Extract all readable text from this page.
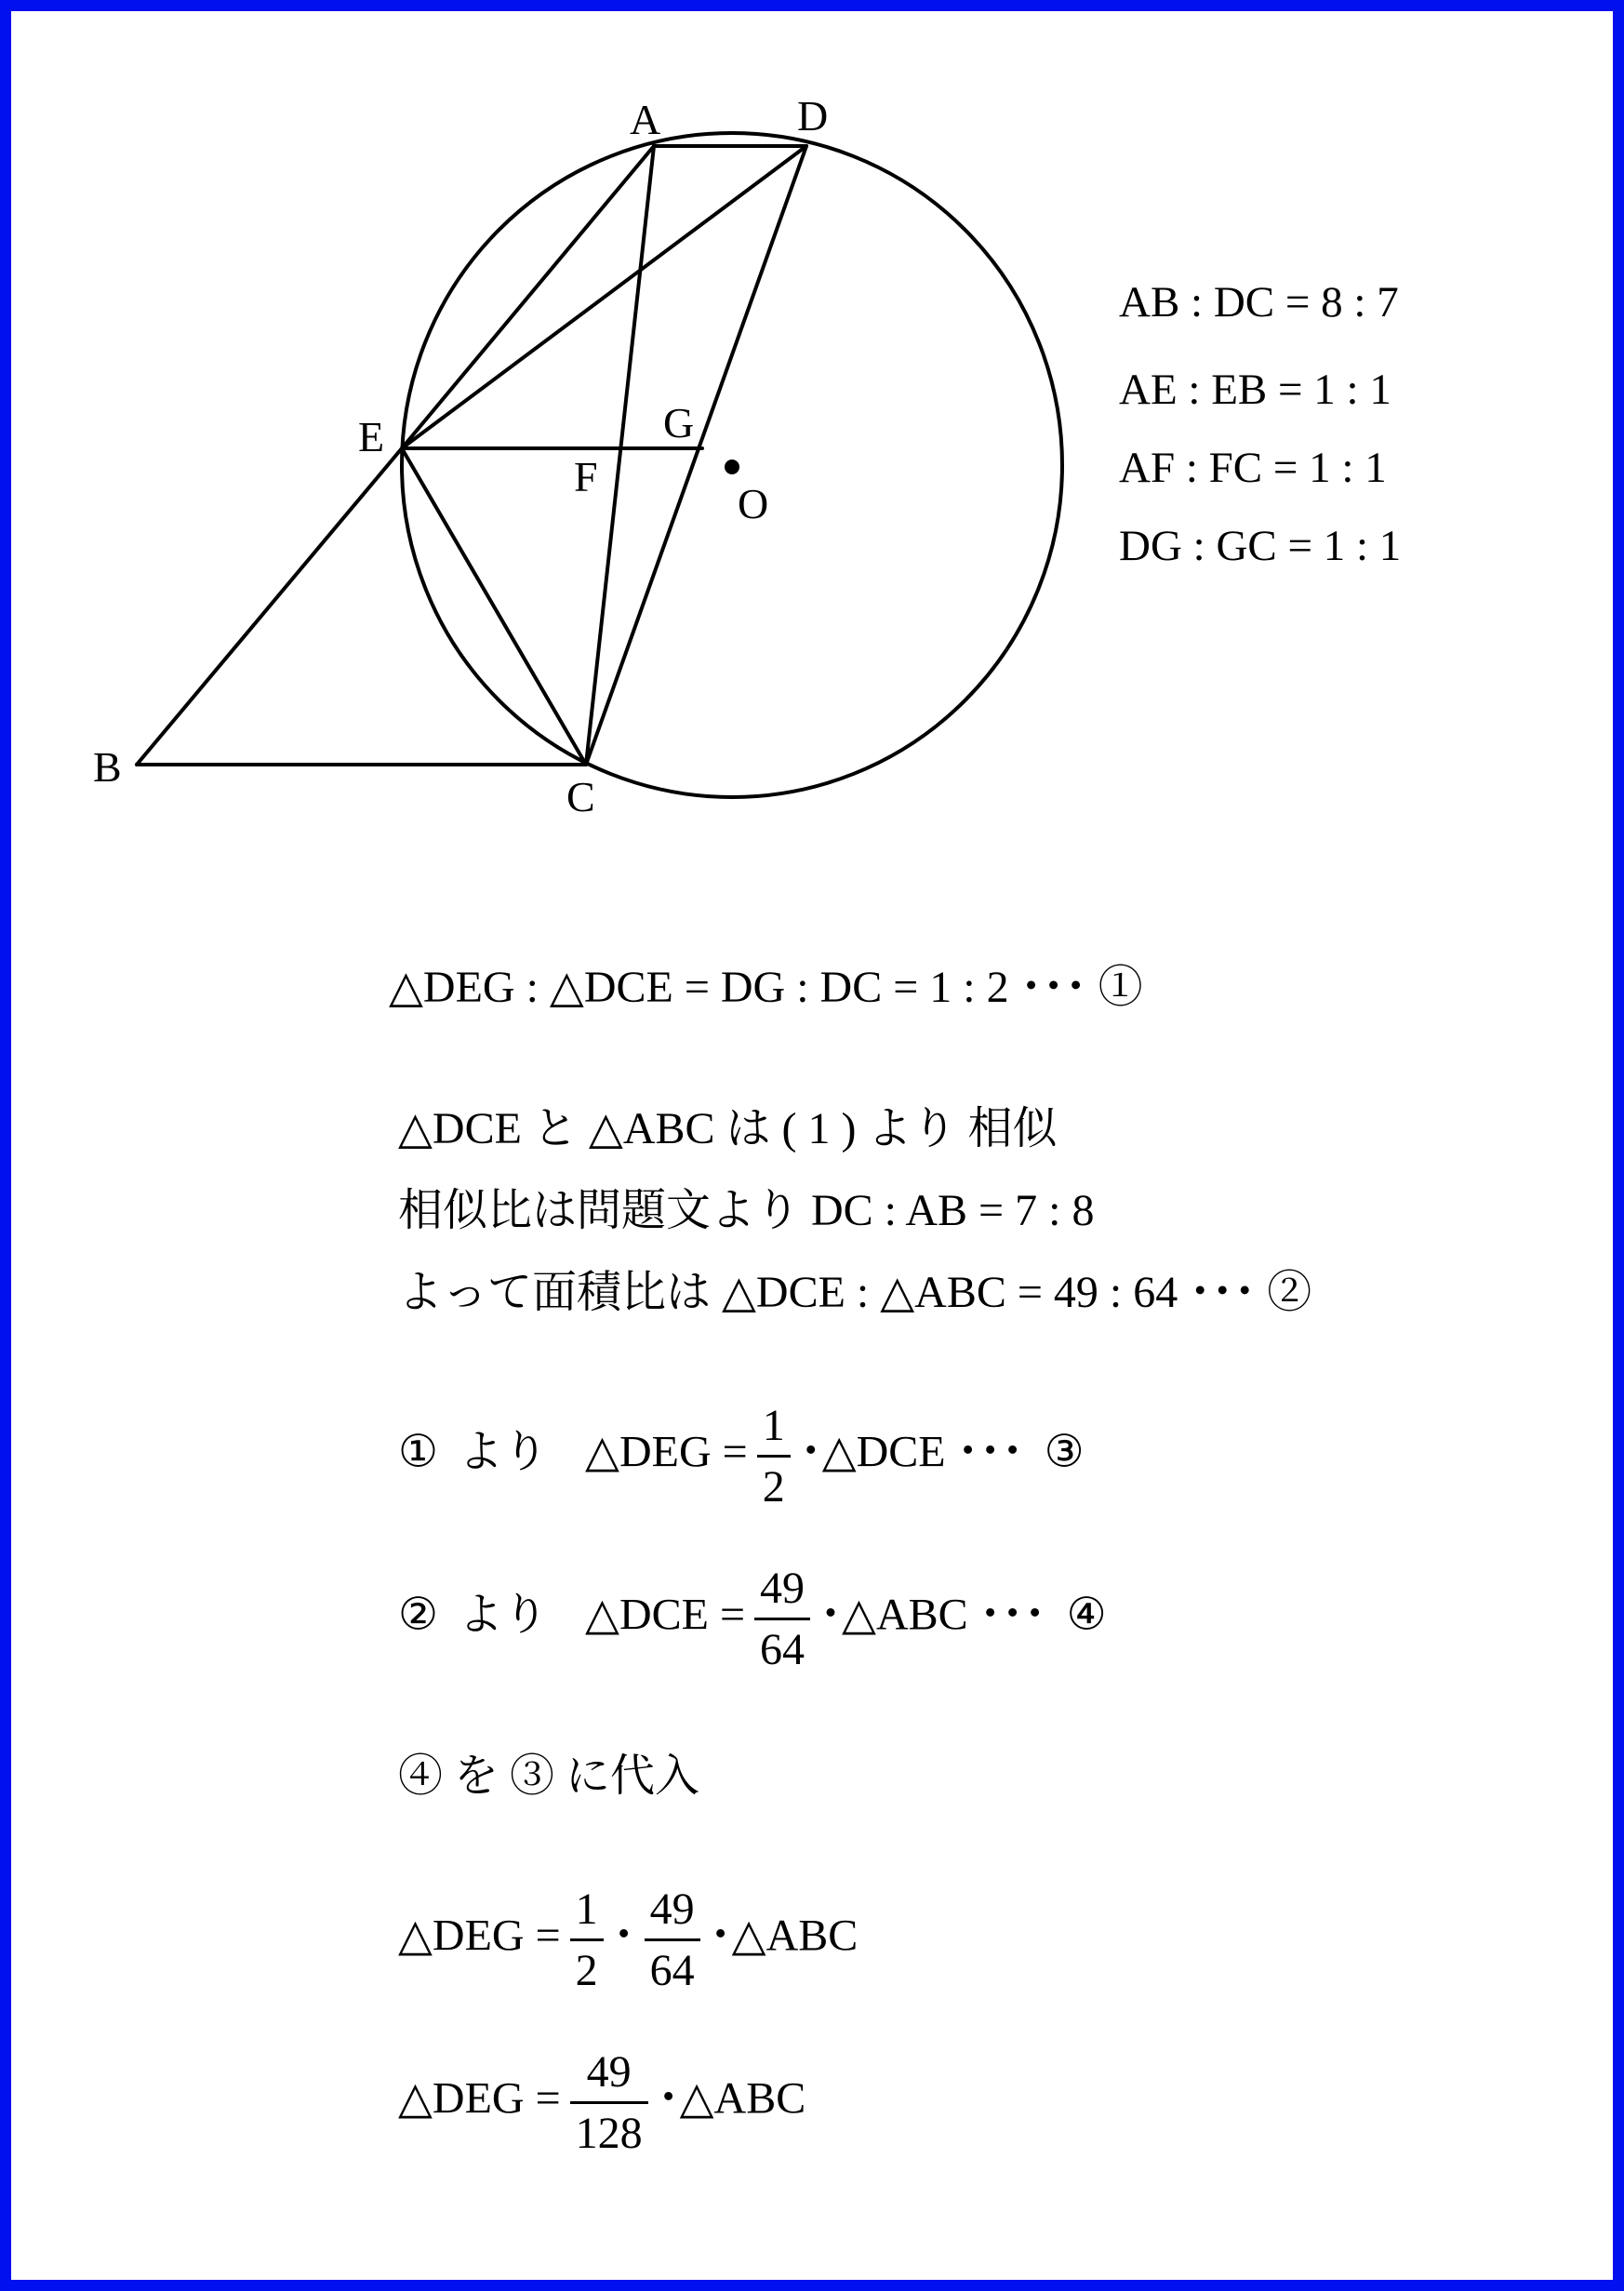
A	D
E	G
F
O
B
C
AB : DC = 8 : 7
AE : EB = 1 : 1
AF : FC = 1 : 1
DG : GC = 1 : 1
△DEG : △DCE = DG : DC = 1 : 2 ･･･ ①
△DCE と △ABC は ( 1 ) より 相似
相似比は問題文より DC : AB = 7 : 8
よって面積比は △DCE : △ABC = 49 : 64 ･･･ ②
① より △DEG = $\frac{1}{2}$ ･△DCE ･･･ ③
② より △DCE = $\frac{49}{64}$ ･△ABC ･･･ ④
④ を ③ に代入
△DEG = $\frac{1}{2}$ ･ $\frac{49}{64}$ ･△ABC
△DEG = $\frac{49}{128}$ ･△ABC
